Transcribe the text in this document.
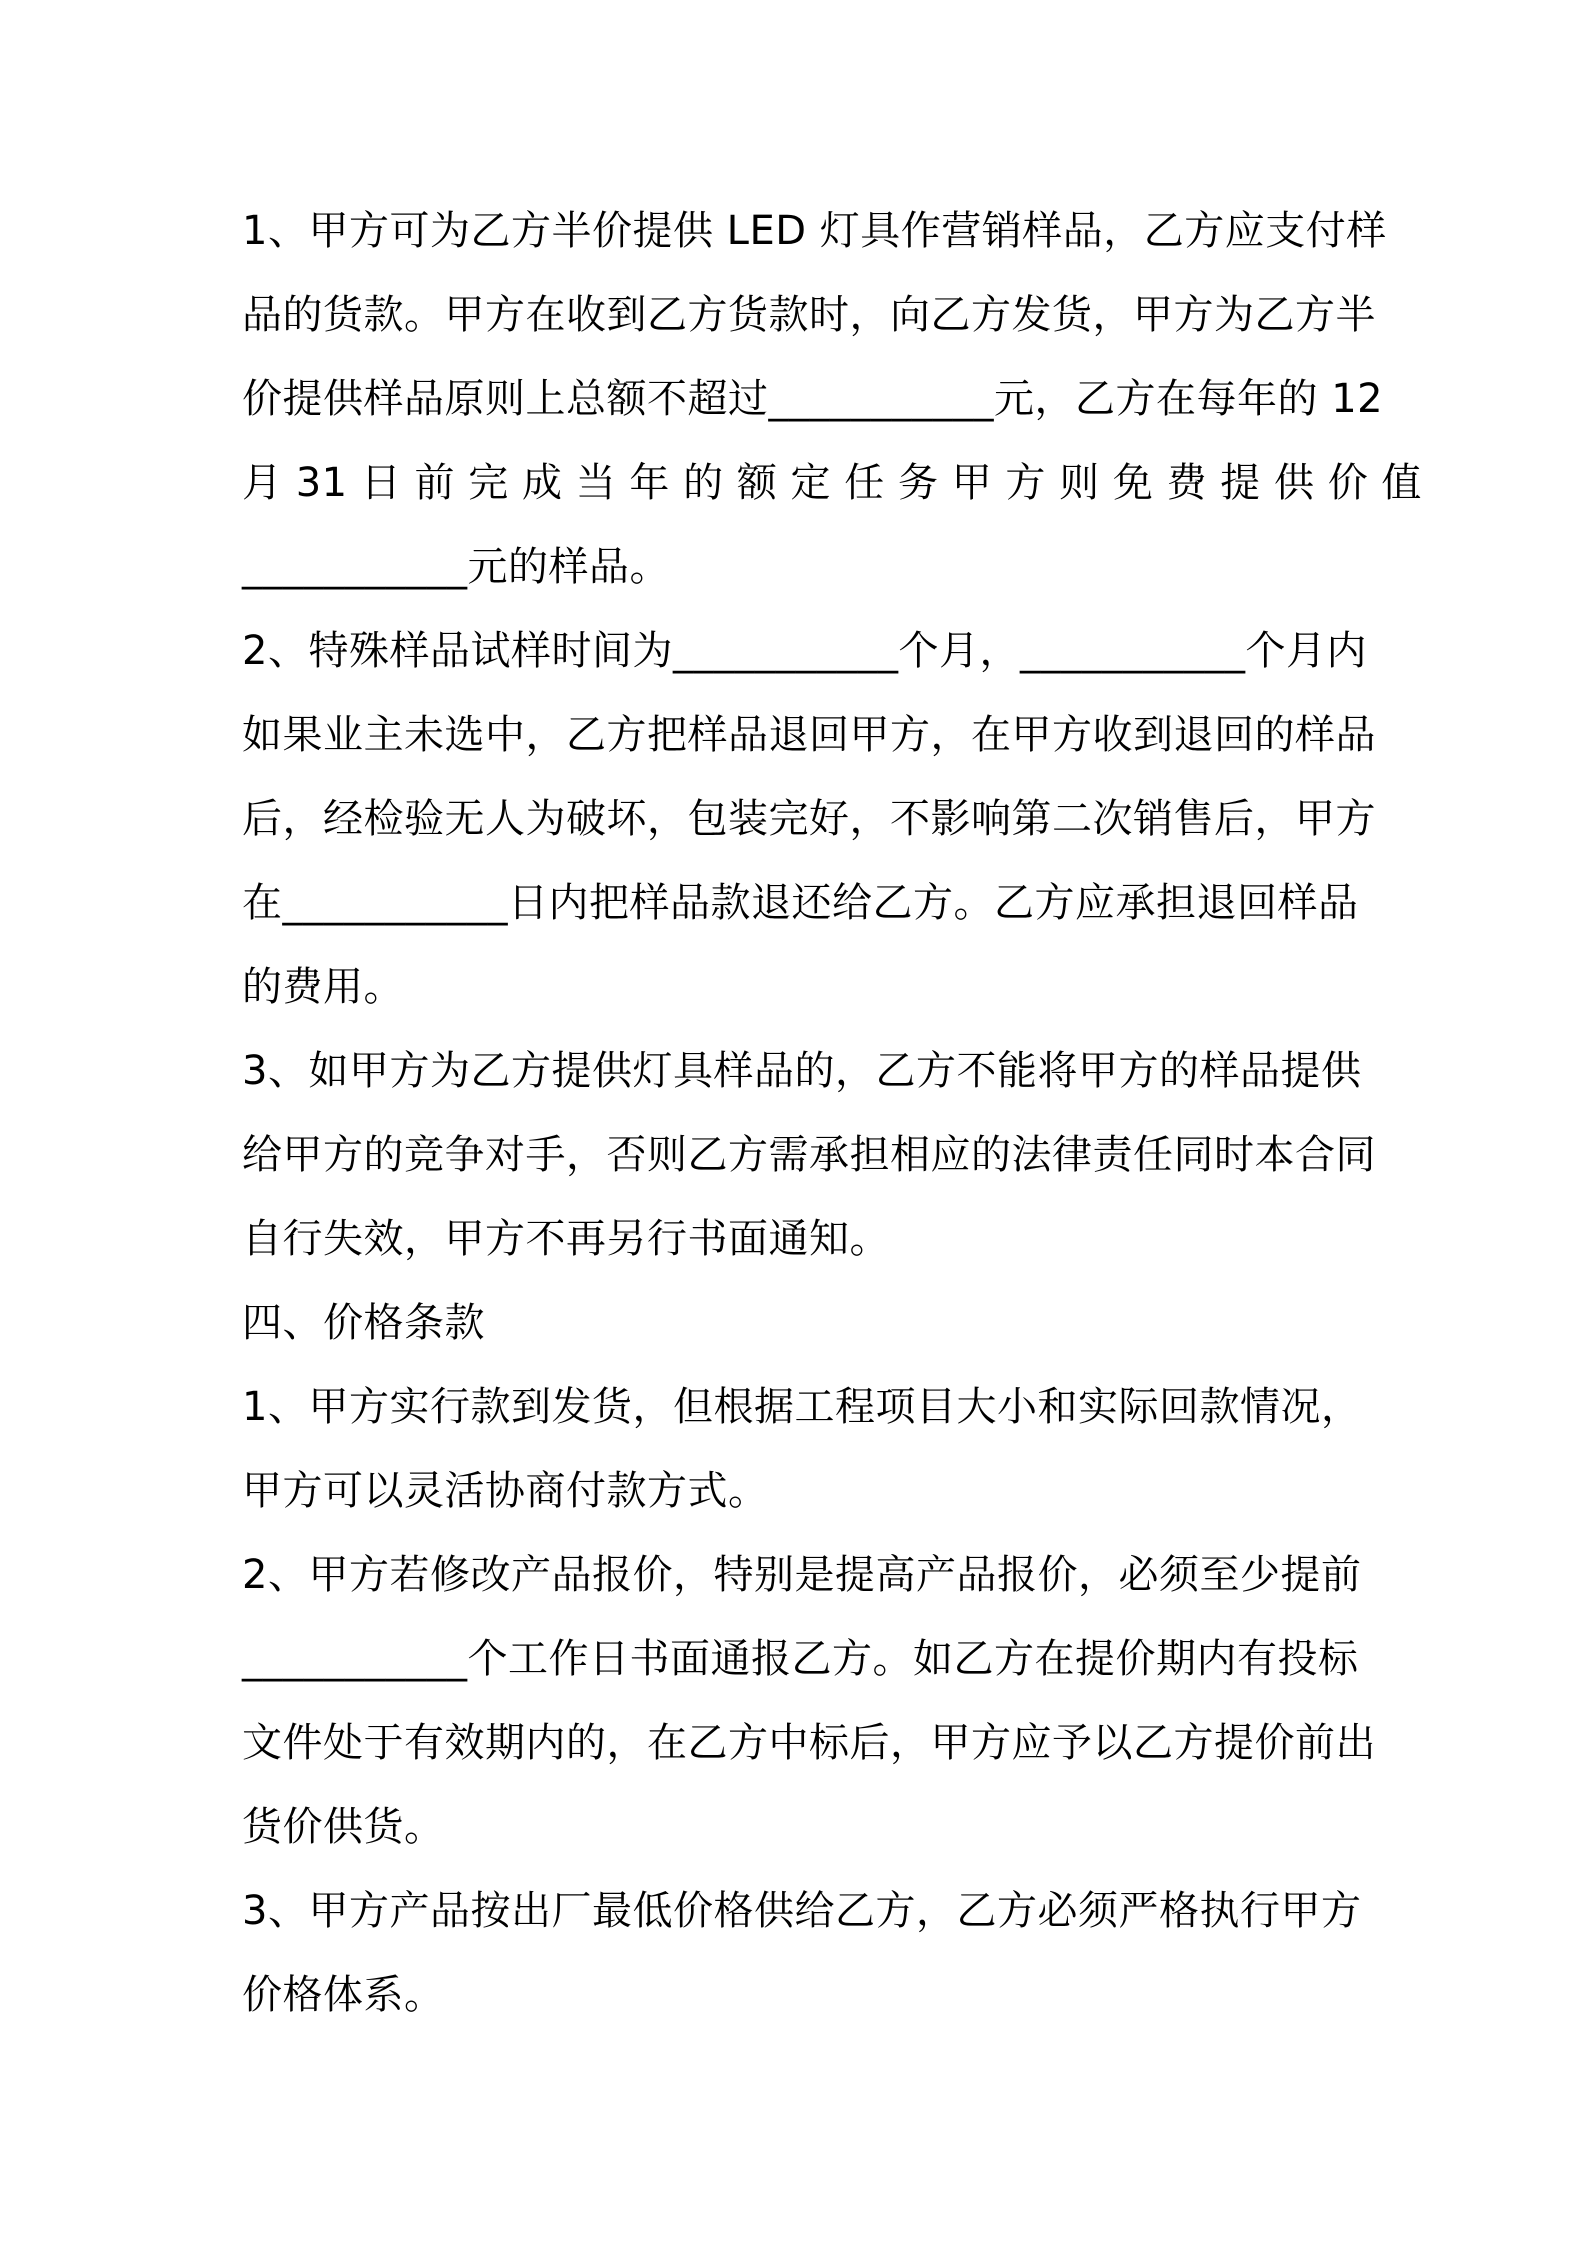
1、甲方可为乙方半价提供 LED 灯具作营销样品，乙方应支付样
品的货款。甲方在收到乙方货款时，向乙方发货，甲方为乙方半
价提供样品原则上总额不超过___________元，乙方在每年的 12
月 31 日 前 完 成 当 年 的 额 定 任 务 甲 方 则 免 费 提 供 价 值
___________元的样品。
2、特殊样品试样时间为___________个月，___________个月内
如果业主未选中，乙方把样品退回甲方，在甲方收到退回的样品
后，经检验无人为破坏，包装完好，不影响第二次销售后，甲方
在___________日内把样品款退还给乙方。乙方应承担退回样品
的费用。
3、如甲方为乙方提供灯具样品的，乙方不能将甲方的样品提供
给甲方的竞争对手，否则乙方需承担相应的法律责任同时本合同
自行失效，甲方不再另行书面通知。
四、价格条款
1、甲方实行款到发货，但根据工程项目大小和实际回款情况，
甲方可以灵活协商付款方式。
2、甲方若修改产品报价，特别是提高产品报价，必须至少提前
___________个工作日书面通报乙方。如乙方在提价期内有投标
文件处于有效期内的，在乙方中标后，甲方应予以乙方提价前出
货价供货。
3、甲方产品按出厂最低价格供给乙方，乙方必须严格执行甲方
价格体系。
